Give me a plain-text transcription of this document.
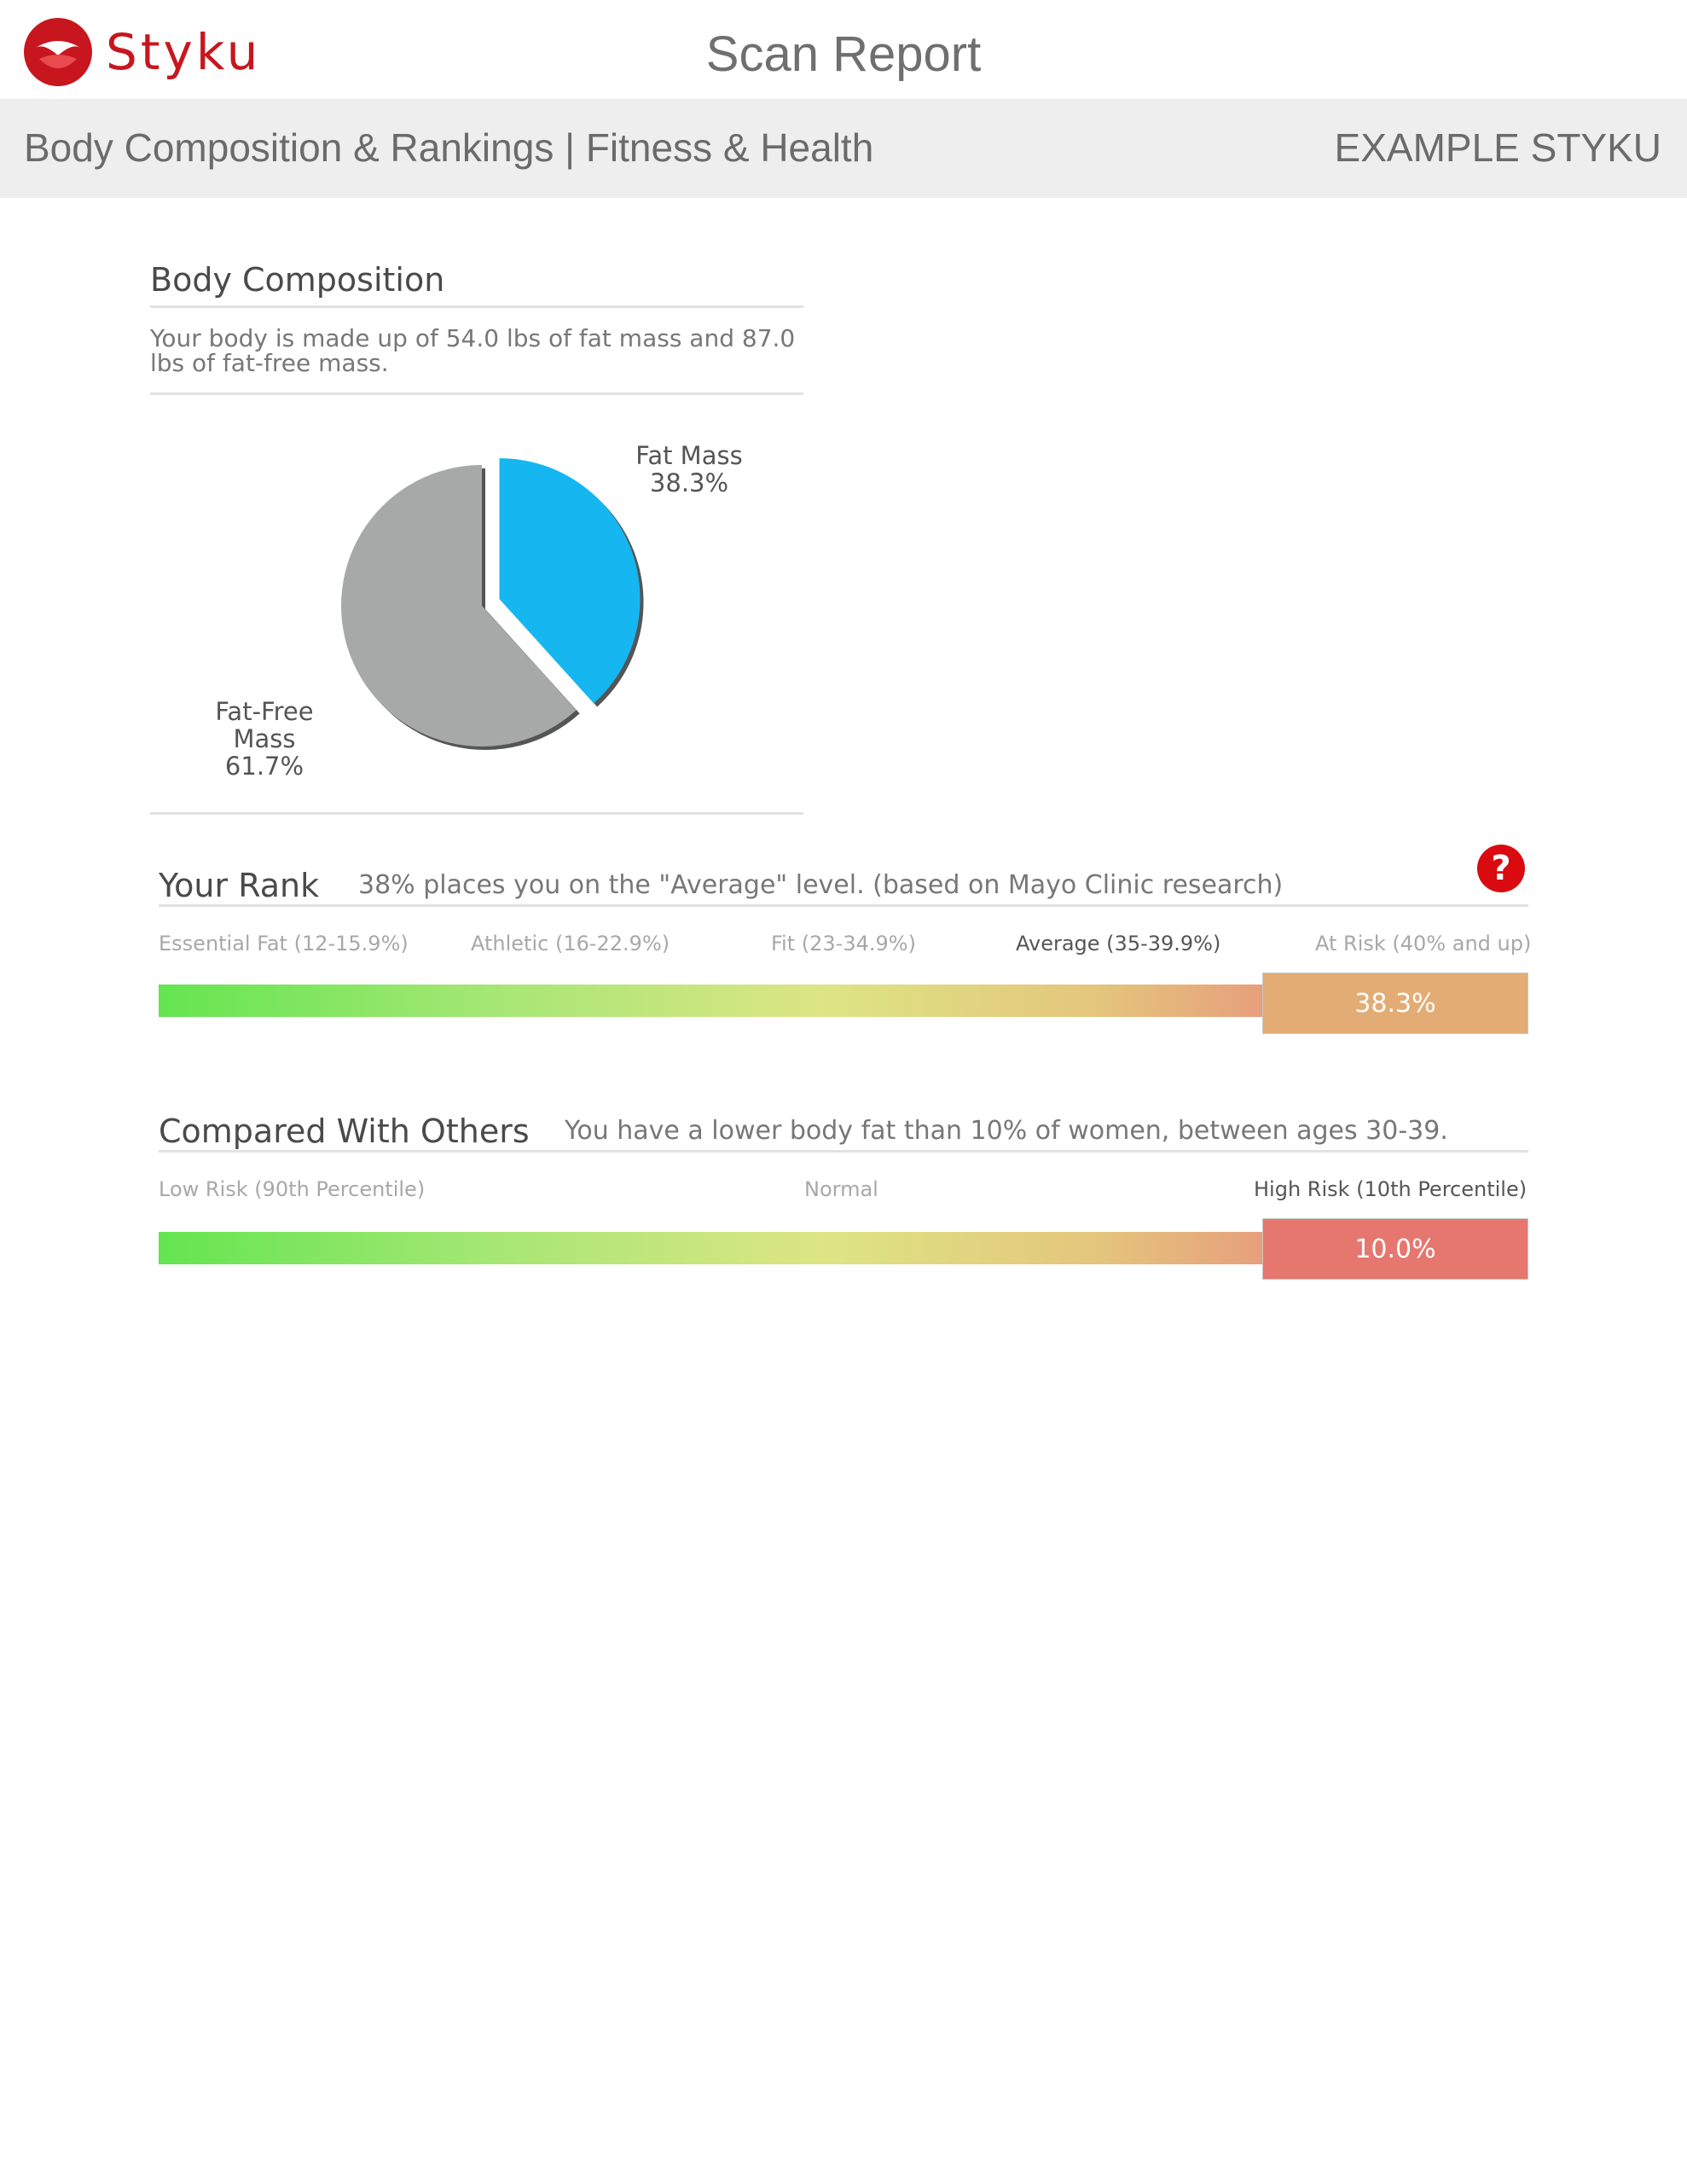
Styku	Scan Report
Body Composition & Rankings | Fitness & Health	EXAMPLE STYKU
Body Composition
Your body is made up of 54.0 lbs of fat mass and 87.0 lbs of fat-free mass.
Fat Mass
38.3%
Fat-Free
Mass
61.7%
Your Rank 38% places you on the "Average" level. (based on Mayo Clinic research)	?
Essential Fat (12-15.9%)	Athletic (16-22.9%)	Fit (23-34.9%)	Average (35-39.9%)	At Risk (40% and up)
38.3%
Compared With Others You have a lower body fat than 10% of women, between ages 30-39.
Low Risk (90th Percentile)	Normal	High Risk (10th Percentile)
10.0%
